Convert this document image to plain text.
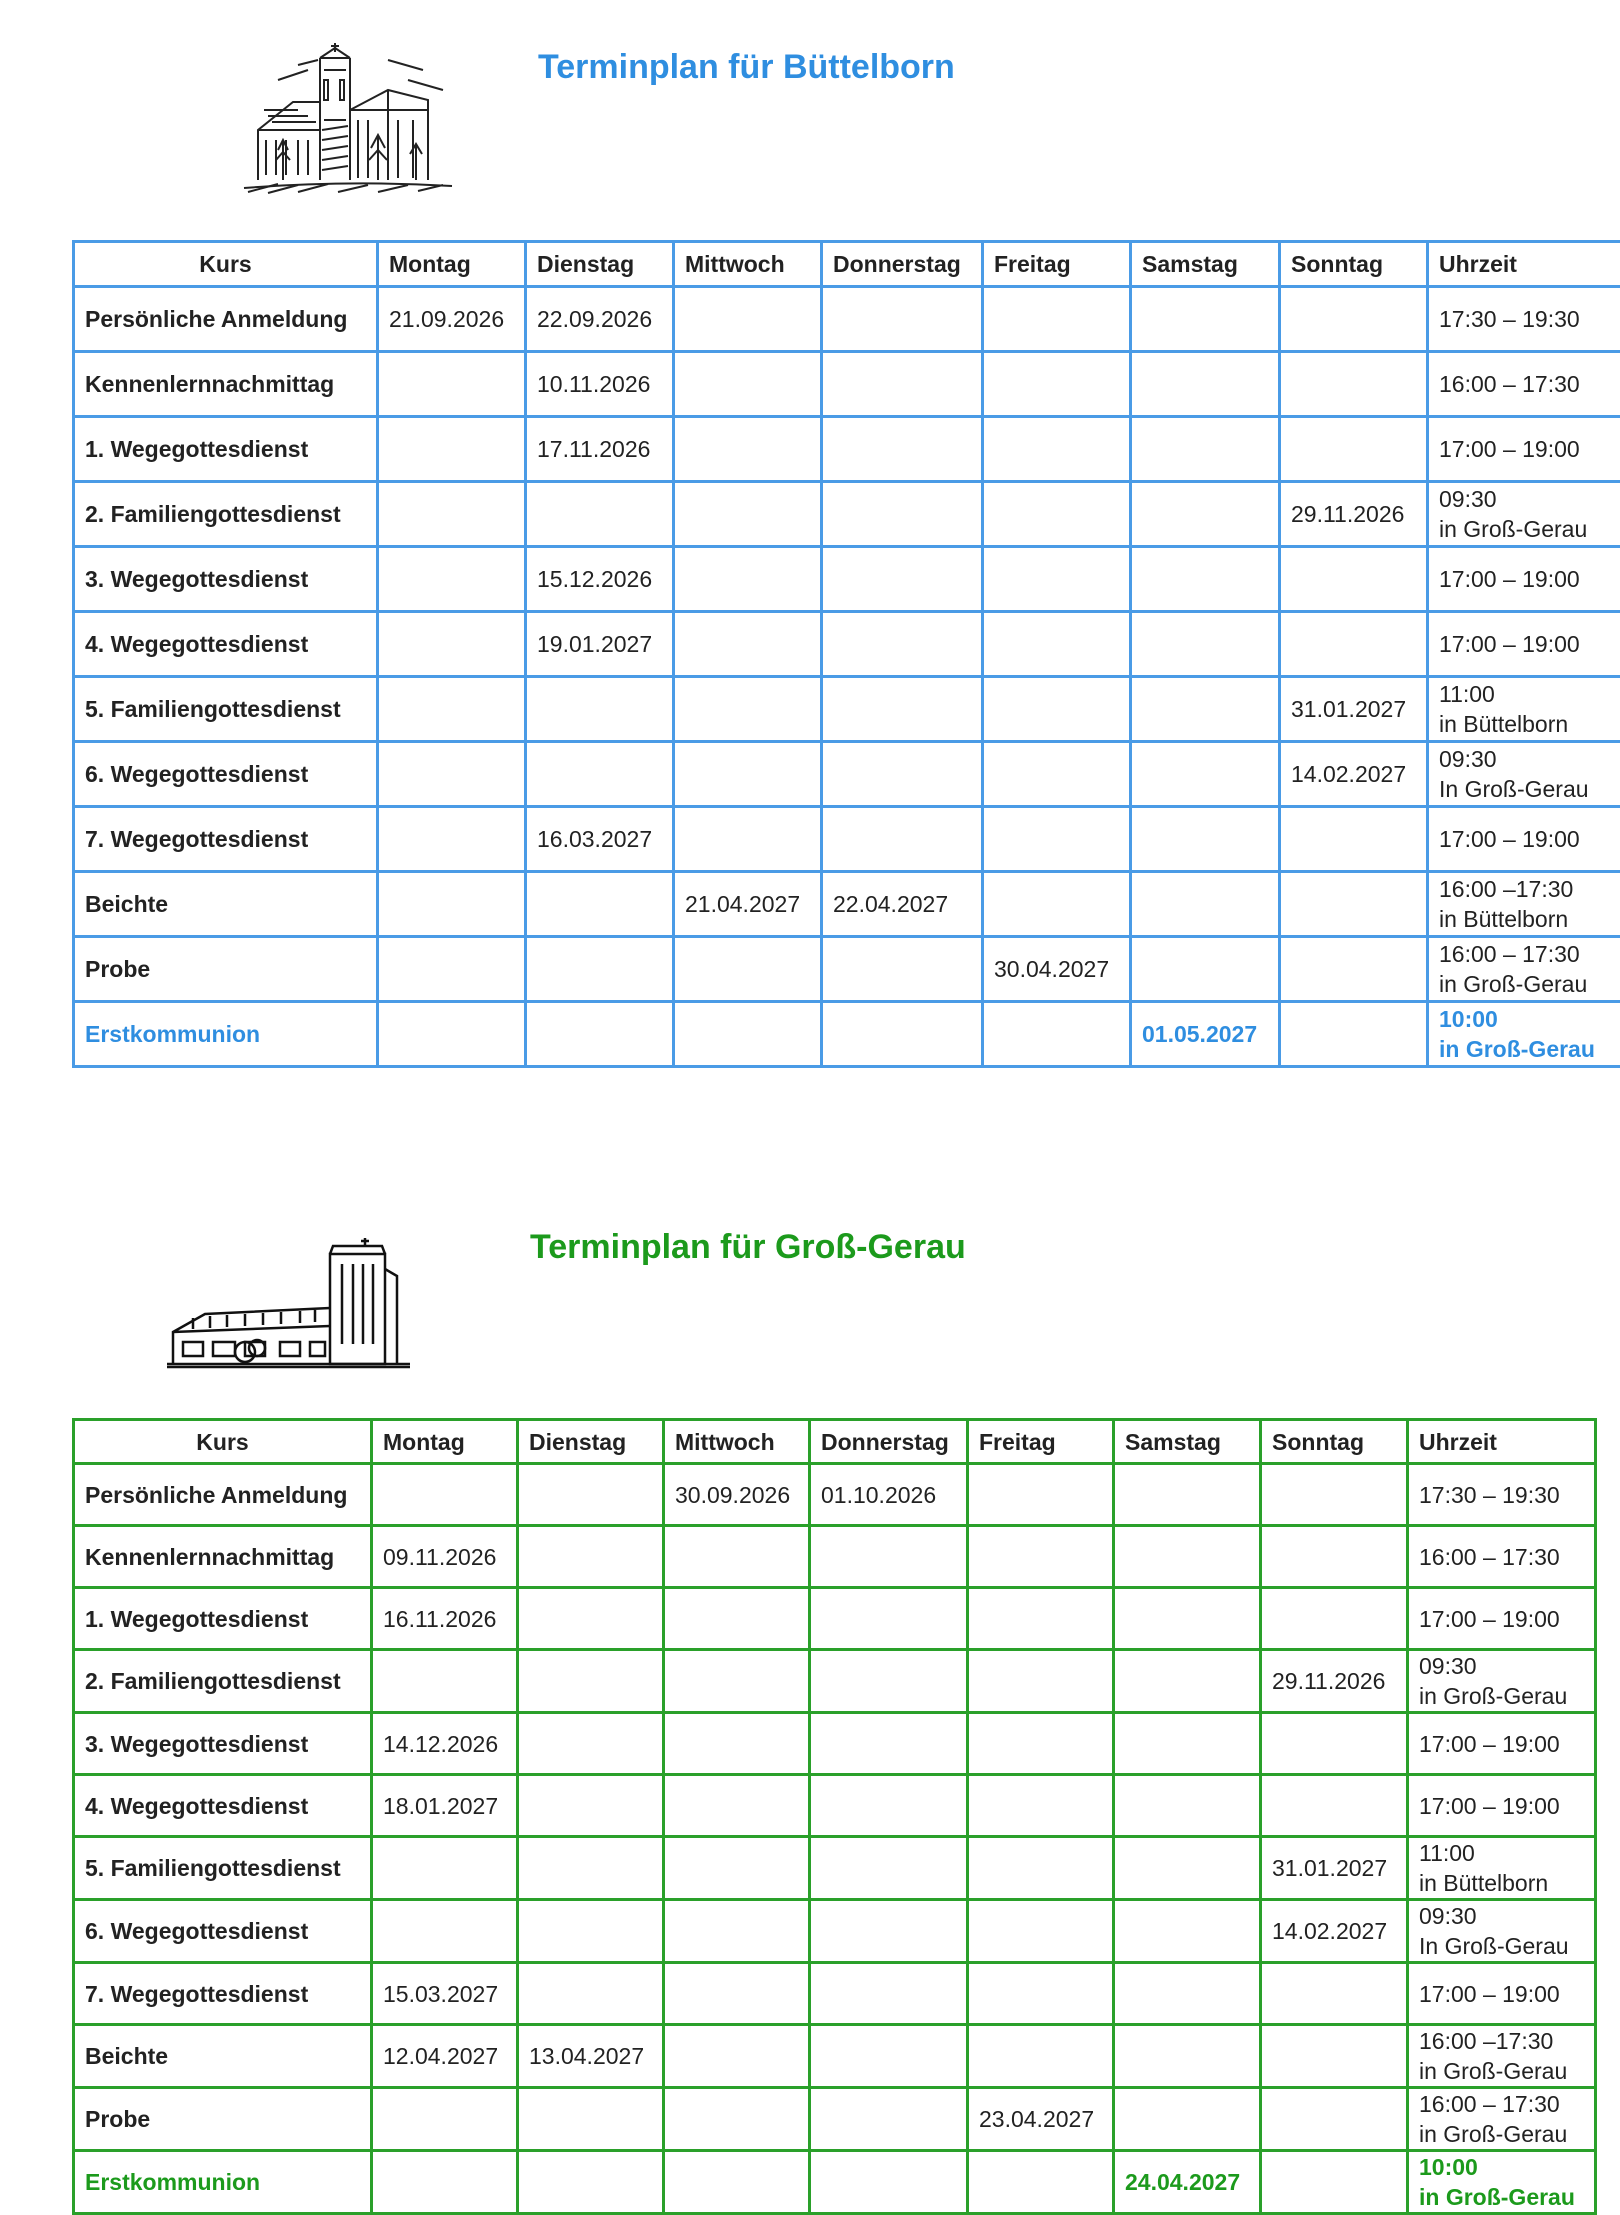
Terminplan für Büttelborn
Kurs	Montag	Dienstag	Mittwoch	Donnerstag	Freitag	Samstag	Sonntag	Uhrzeit
Persönliche Anmeldung	21.09.2026	22.09.2026						17:30 – 19:30

Kennenlernnachmittag		10.11.2026						16:00 – 17:30

1. Wegegottesdienst		17.11.2026						17:00 – 19:00

2. Familiengottesdienst							29.11.2026	09:30
in Groß-Gerau

3. Wegegottesdienst		15.12.2026						17:00 – 19:00

4. Wegegottesdienst		19.01.2027						17:00 – 19:00

5. Familiengottesdienst							31.01.2027	11:00
in Büttelborn

6. Wegegottesdienst							14.02.2027	09:30
In Groß-Gerau

7. Wegegottesdienst		16.03.2027						17:00 – 19:00

Beichte			21.04.2027	22.04.2027				16:00 –17:30
in Büttelborn

Probe					30.04.2027			16:00 – 17:30
in Groß-Gerau

Erstkommunion						01.05.2027		10:00
in Groß-Gerau
Terminplan für Groß-Gerau
Kurs	Montag	Dienstag	Mittwoch	Donnerstag	Freitag	Samstag	Sonntag	Uhrzeit
Persönliche Anmeldung			30.09.2026	01.10.2026				17:30 – 19:30

Kennenlernnachmittag	09.11.2026							16:00 – 17:30

1. Wegegottesdienst	16.11.2026							17:00 – 19:00

2. Familiengottesdienst							29.11.2026	09:30
in Groß-Gerau

3. Wegegottesdienst	14.12.2026							17:00 – 19:00

4. Wegegottesdienst	18.01.2027							17:00 – 19:00

5. Familiengottesdienst							31.01.2027	11:00
in Büttelborn

6. Wegegottesdienst							14.02.2027	09:30
In Groß-Gerau

7. Wegegottesdienst	15.03.2027							17:00 – 19:00

Beichte	12.04.2027	13.04.2027						16:00 –17:30
in Groß-Gerau

Probe					23.04.2027			16:00 – 17:30
in Groß-Gerau

Erstkommunion						24.04.2027		10:00
in Groß-Gerau
